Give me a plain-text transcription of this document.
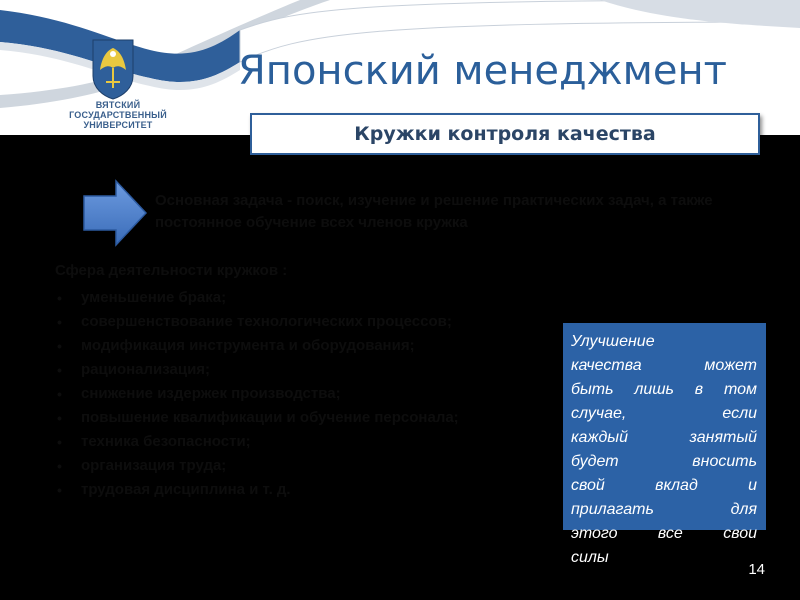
ВЯТСКИЙ
ГОСУДАРСТВЕННЫЙ
УНИВЕРСИТЕТ
Японский менеджмент
Кружки контроля качества
Основная задача - поиск, изучение и решение практических задач, а также постоянное обучение всех членов кружка
Сфера деятельности кружков :
• уменьшение брака;
• совершенствование технологических процессов;
• модификация инструмента и оборудования;
• рационализация;
• снижение издержек производства;
• повышение квалификации и обучение персонала;
• техника безопасности;
• организация труда;
• трудовая дисциплина и т. д.
Улучшение
качества может
быть лишь в том
случае, если
каждый занятый
будет вносить
свой вклад и
прилагать для
этого все свои
силы
14
